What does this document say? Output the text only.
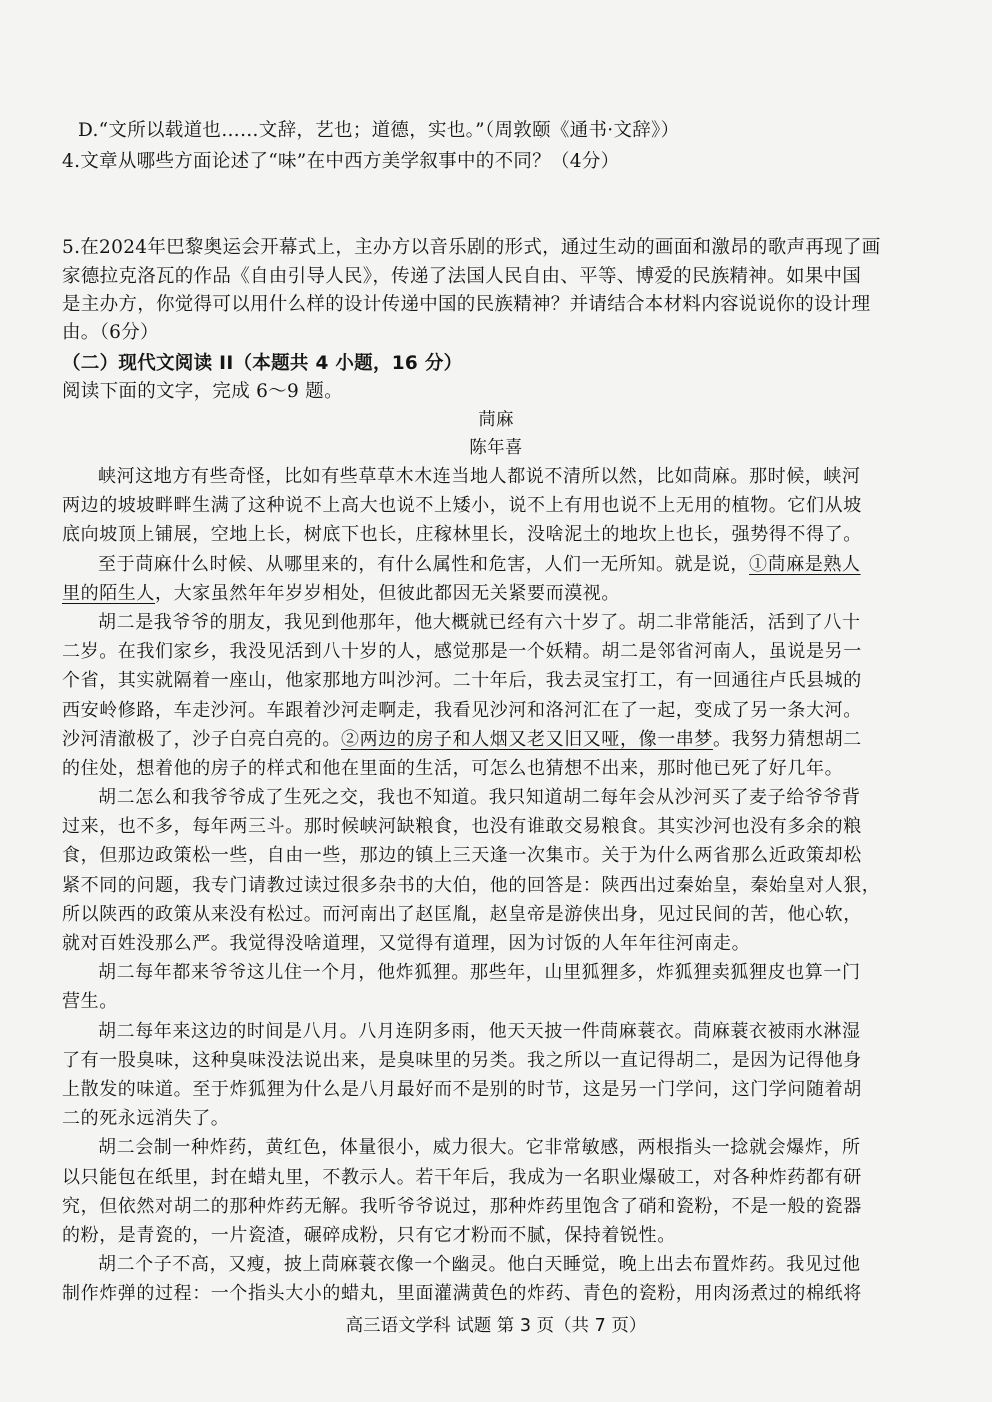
D.“文所以载道也……文辞，艺也；道德，实也。”（周敦颐《通书·文辞》）
4.文章从哪些方面论述了“味”在中西方美学叙事中的不同？（4分）
5.在2024年巴黎奥运会开幕式上，主办方以音乐剧的形式，通过生动的画面和激昂的歌声再现了画
家德拉克洛瓦的作品《自由引导人民》，传递了法国人民自由、平等、博爱的民族精神。如果中国
是主办方，你觉得可以用什么样的设计传递中国的民族精神？并请结合本材料内容说说你的设计理
由。（6分）
（二）现代文阅读 II（本题共 4 小题，16 分）
阅读下面的文字，完成 6～9 题。
茼麻
陈年喜
峡河这地方有些奇怪，比如有些草草木木连当地人都说不清所以然，比如茼麻。那时候，峡河
两边的坡坡畔畔生满了这种说不上高大也说不上矮小，说不上有用也说不上无用的植物。它们从坡
底向坡顶上铺展，空地上长，树底下也长，庄稼林里长，没啥泥土的地坎上也长，强势得不得了。
至于茼麻什么时候、从哪里来的，有什么属性和危害，人们一无所知。就是说，①茼麻是熟人
里的陌生人，大家虽然年年岁岁相处，但彼此都因无关紧要而漠视。
胡二是我爷爷的朋友，我见到他那年，他大概就已经有六十岁了。胡二非常能活，活到了八十
二岁。在我们家乡，我没见活到八十岁的人，感觉那是一个妖精。胡二是邻省河南人，虽说是另一
个省，其实就隔着一座山，他家那地方叫沙河。二十年后，我去灵宝打工，有一回通往卢氏县城的
西安岭修路，车走沙河。车跟着沙河走啊走，我看见沙河和洛河汇在了一起，变成了另一条大河。
沙河清澈极了，沙子白亮白亮的。②两边的房子和人烟又老又旧又哑，像一串梦。我努力猜想胡二
的住处，想着他的房子的样式和他在里面的生活，可怎么也猜想不出来，那时他已死了好几年。
胡二怎么和我爷爷成了生死之交，我也不知道。我只知道胡二每年会从沙河买了麦子给爷爷背
过来，也不多，每年两三斗。那时候峡河缺粮食，也没有谁敢交易粮食。其实沙河也没有多余的粮
食，但那边政策松一些，自由一些，那边的镇上三天逢一次集市。关于为什么两省那么近政策却松
紧不同的问题，我专门请教过读过很多杂书的大伯，他的回答是：陕西出过秦始皇，秦始皇对人狠，
所以陕西的政策从来没有松过。而河南出了赵匡胤，赵皇帝是游侠出身，见过民间的苦，他心软，
就对百姓没那么严。我觉得没啥道理，又觉得有道理，因为讨饭的人年年往河南走。
胡二每年都来爷爷这儿住一个月，他炸狐狸。那些年，山里狐狸多，炸狐狸卖狐狸皮也算一门
营生。
胡二每年来这边的时间是八月。八月连阴多雨，他天天披一件茼麻蓑衣。茼麻蓑衣被雨水淋湿
了有一股臭味，这种臭味没法说出来，是臭味里的另类。我之所以一直记得胡二，是因为记得他身
上散发的味道。至于炸狐狸为什么是八月最好而不是别的时节，这是另一门学问，这门学问随着胡
二的死永远消失了。
胡二会制一种炸药，黄红色，体量很小，威力很大。它非常敏感，两根指头一捻就会爆炸，所
以只能包在纸里，封在蜡丸里，不教示人。若干年后，我成为一名职业爆破工，对各种炸药都有研
究，但依然对胡二的那种炸药无解。我听爷爷说过，那种炸药里饱含了硝和瓷粉，不是一般的瓷器
的粉，是青瓷的，一片瓷渣，碾碎成粉，只有它才粉而不腻，保持着锐性。
胡二个子不高，又瘦，披上茼麻蓑衣像一个幽灵。他白天睡觉，晚上出去布置炸药。我见过他
制作炸弹的过程：一个指头大小的蜡丸，里面灌满黄色的炸药、青色的瓷粉，用肉汤煮过的棉纸将
高三语文学科 试题 第 3 页（共 7 页）
